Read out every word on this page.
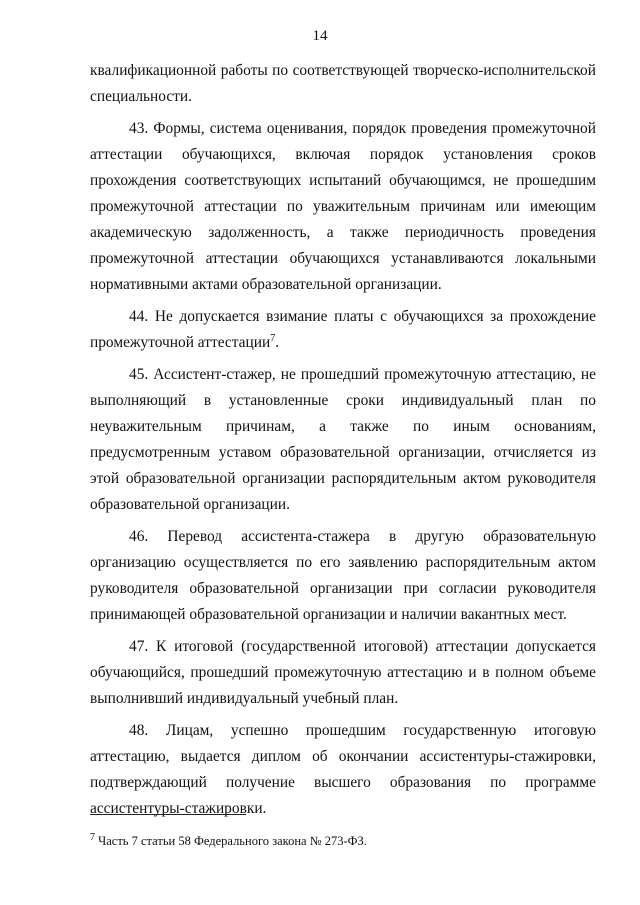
14

квалификационной работы по соответствующей творческо-исполнительской специальности.

43. Формы, система оценивания, порядок проведения промежуточной аттестации обучающихся, включая порядок установления сроков прохождения соответствующих испытаний обучающимся, не прошедшим промежуточной аттестации по уважительным причинам или имеющим академическую задолженность, а также периодичность проведения промежуточной аттестации обучающихся устанавливаются локальными нормативными актами образовательной организации.

44. Не допускается взимание платы с обучающихся за прохождение промежуточной аттестации$^7$.

45. Ассистент-стажер, не прошедший промежуточную аттестацию, не выполняющий в установленные сроки индивидуальный план по неуважительным причинам, а также по иным основаниям, предусмотренным уставом образовательной организации, отчисляется из этой образовательной организации распорядительным актом руководителя образовательной организации.

46. Перевод ассистента-стажера в другую образовательную организацию осуществляется по его заявлению распорядительным актом руководителя образовательной организации при согласии руководителя принимающей образовательной организации и наличии вакантных мест.

47. К итоговой (государственной итоговой) аттестации допускается обучающийся, прошедший промежуточную аттестацию и в полном объеме выполнивший индивидуальный учебный план.

48. Лицам, успешно прошедшим государственную итоговую аттестацию, выдается диплом об окончании ассистентуры-стажировки, подтверждающий получение высшего образования по программе ассистентуры-стажировки.

$^7$ Часть 7 статьи 58 Федерального закона № 273-ФЗ.
